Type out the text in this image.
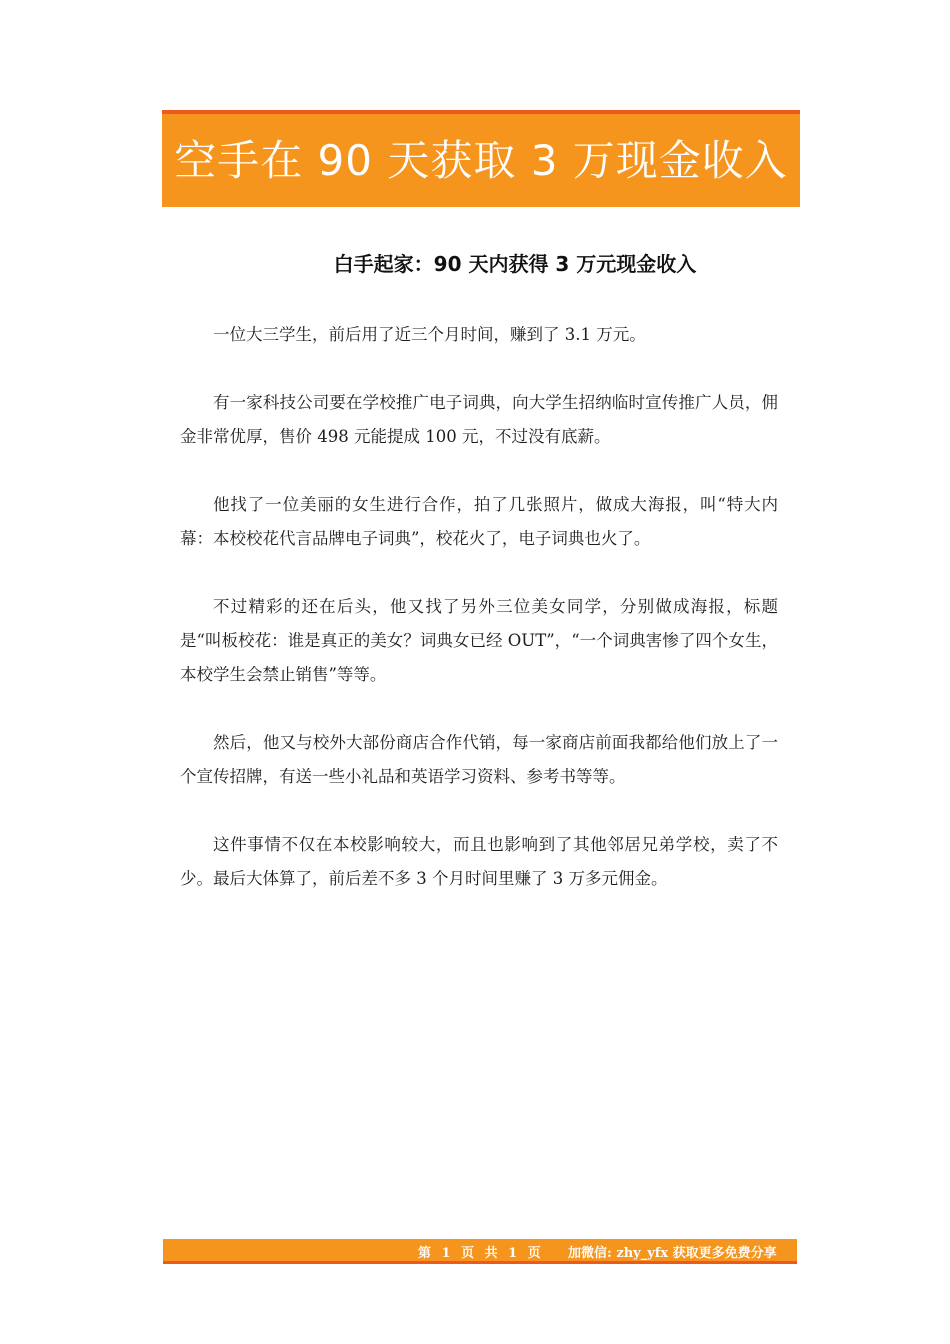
空手在 90 天获取 3 万现金收入
白手起家：90 天内获得 3 万元现金收入

一位大三学生，前后用了近三个月时间，赚到了 3.1 万元。

有一家科技公司要在学校推广电子词典，向大学生招纳临时宣传推广人员，佣金非常优厚，售价 498 元能提成 100 元，不过没有底薪。

他找了一位美丽的女生进行合作，拍了几张照片，做成大海报，叫“特大内幕：本校校花代言品牌电子词典”，校花火了，电子词典也火了。

不过精彩的还在后头，他又找了另外三位美女同学，分别做成海报，标题是“叫板校花：谁是真正的美女？词典女已经 OUT”，“一个词典害惨了四个女生，本校学生会禁止销售”等等。

然后，他又与校外大部份商店合作代销，每一家商店前面我都给他们放上了一个宣传招牌，有送一些小礼品和英语学习资料、参考书等等。

这件事情不仅在本校影响较大，而且也影响到了其他邻居兄弟学校，卖了不少。最后大体算了，前后差不多 3 个月时间里赚了 3 万多元佣金。

第 1 页 共 1 页 加微信: zhy_yfx 获取更多免费分享
